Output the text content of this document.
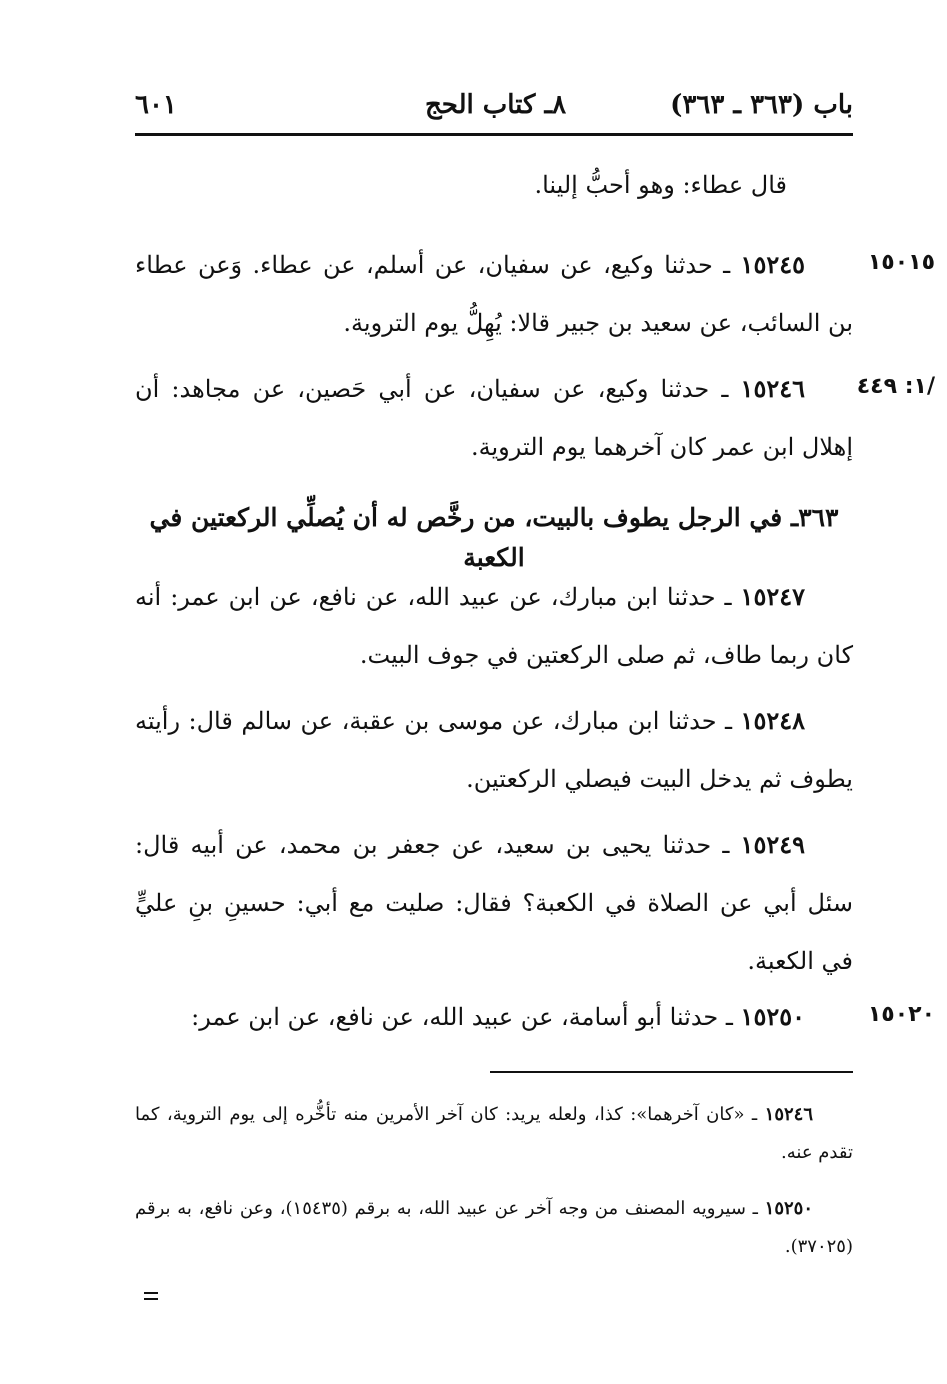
باب (٣٦٣ ـ ٣٦٣)
٨ـ كتاب الحج
٦٠١
قال عطاء: وهو أحبُّ إلينا.
١٥٠١٥
١٥٢٤٥ ـ حدثنا وكيع، عن سفيان، عن أسلم، عن عطاء. وَعن عطاء بن السائب، عن سعيد بن جبير قالا: يُهِلُّ يوم التروية.
/١: ٤٤٩
١٥٢٤٦ ـ حدثنا وكيع، عن سفيان، عن أبي حَصين، عن مجاهد: أن إهلال ابن عمر كان آخرهما يوم التروية.
٣٦٣ـ في الرجل يطوف بالبيت، من رخَّص له أن يُصلِّي الركعتين في الكعبة
١٥٢٤٧ ـ حدثنا ابن مبارك، عن عبيد الله، عن نافع، عن ابن عمر: أنه كان ربما طاف، ثم صلى الركعتين في جوف البيت.
١٥٢٤٨ ـ حدثنا ابن مبارك، عن موسى بن عقبة، عن سالم قال: رأيته يطوف ثم يدخل البيت فيصلي الركعتين.
١٥٢٤٩ ـ حدثنا يحيى بن سعيد، عن جعفر بن محمد، عن أبيه قال: سئل أبي عن الصلاة في الكعبة؟ فقال: صليت مع أبي: حسينِ بنِ عليٍّ في الكعبة.
١٥٠٢٠
١٥٢٥٠ ـ حدثنا أبو أسامة، عن عبيد الله، عن نافع، عن ابن عمر:
١٥٢٤٦ ـ «كان آخرهما»: كذا، ولعله يريد: كان آخر الأمرين منه تأخُّره إلى يوم التروية، كما تقدم عنه.
١٥٢٥٠ ـ سيرويه المصنف من وجه آخر عن عبيد الله، به برقم (١٥٤٣٥)، وعن نافع، به برقم (٣٧٠٢٥).
